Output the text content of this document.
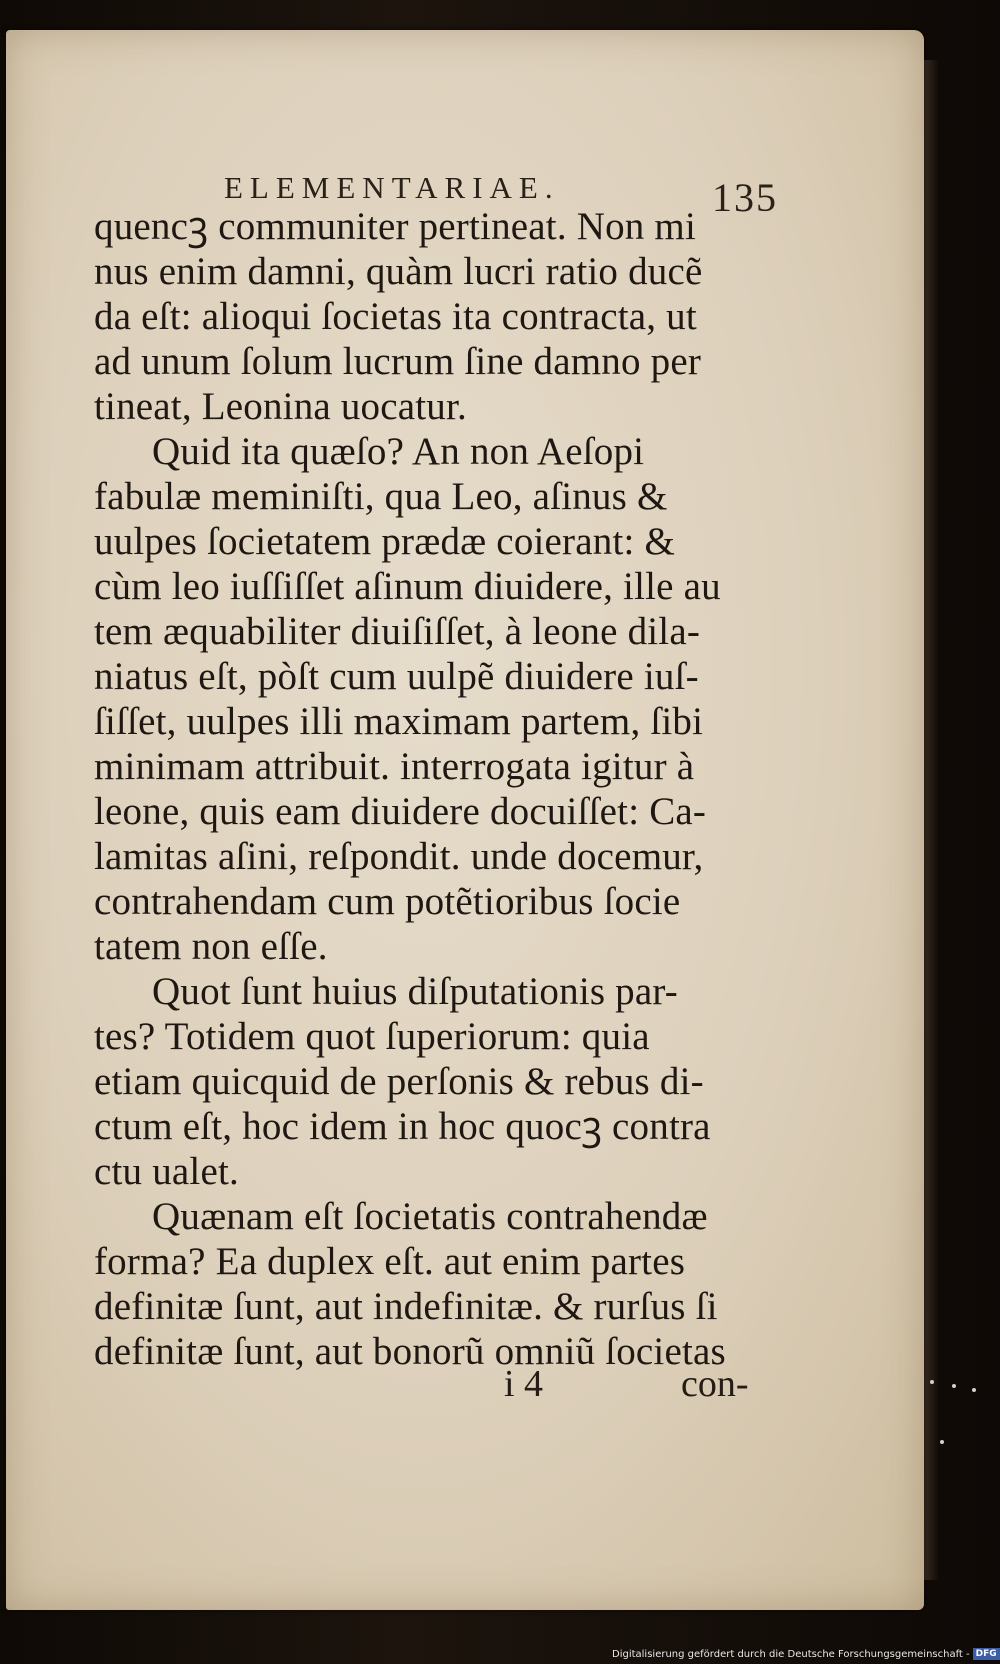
ELEMENTARIAE.	135
quencꝫ communiter pertineat. Non mi
nus enim damni, quàm lucri ratio ducẽ
da eſt: alioqui ſocietas ita contracta, ut
ad unum ſolum lucrum ſine damno per
tineat, Leonina uocatur.
Quid ita quæſo? An non Aeſopi
fabulæ meminiſti, qua Leo, aſinus &
uulpes ſocietatem prædæ coierant: &
cùm leo iuſſiſſet aſinum diuidere, ille au
tem æquabiliter diuiſiſſet, à leone dila-
niatus eſt, pòſt cum uulpẽ diuidere iuſ-
ſiſſet, uulpes illi maximam partem, ſibi
minimam attribuit. interrogata igitur à
leone, quis eam diuidere docuiſſet: Ca-
lamitas aſini, reſpondit. unde docemur,
contrahendam cum potẽtioribus ſocie
tatem non eſſe.
Quot ſunt huius diſputationis par-
tes? Totidem quot ſuperiorum: quia
etiam quicquid de perſonis & rebus di-
ctum eſt, hoc idem in hoc quocꝫ contra
ctu ualet.
Quænam eſt ſocietatis contrahendæ
forma? Ea duplex eſt. aut enim partes
definitæ ſunt, aut indefinitæ. & rurſus ſi
definitæ ſunt, aut bonorũ omniũ ſocietas
i 4	con-
Digitalisierung gefördert durch die Deutsche Forschungsgemeinschaft - DFG
